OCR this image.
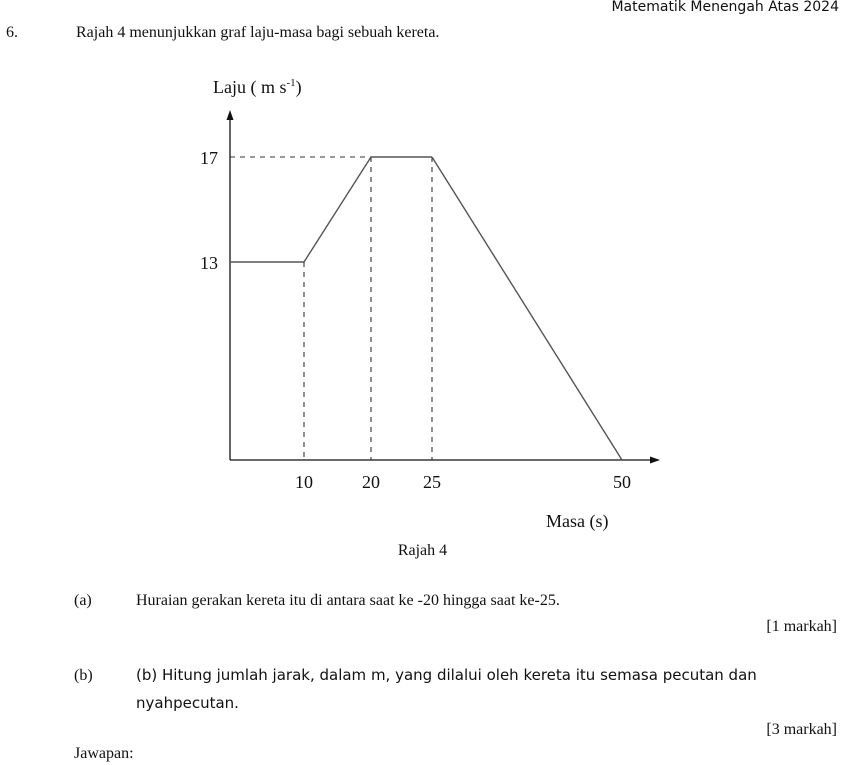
Matematik Menengah Atas 2024
6.	Rajah 4 menunjukkan graf laju-masa bagi sebuah kereta.
Laju ( m $s^{-1}$)
Masa (s)
10	20 25	50
17
13
Rajah 4
(a)	Huraian gerakan kereta itu di antara saat ke -20 hingga saat ke-25.
[1 markah]
(b)	(b) Hitung jumlah jarak, dalam m, yang dilalui oleh kereta itu semasa pecutan dan
nyahpecutan.
[3 markah]
Jawapan:
